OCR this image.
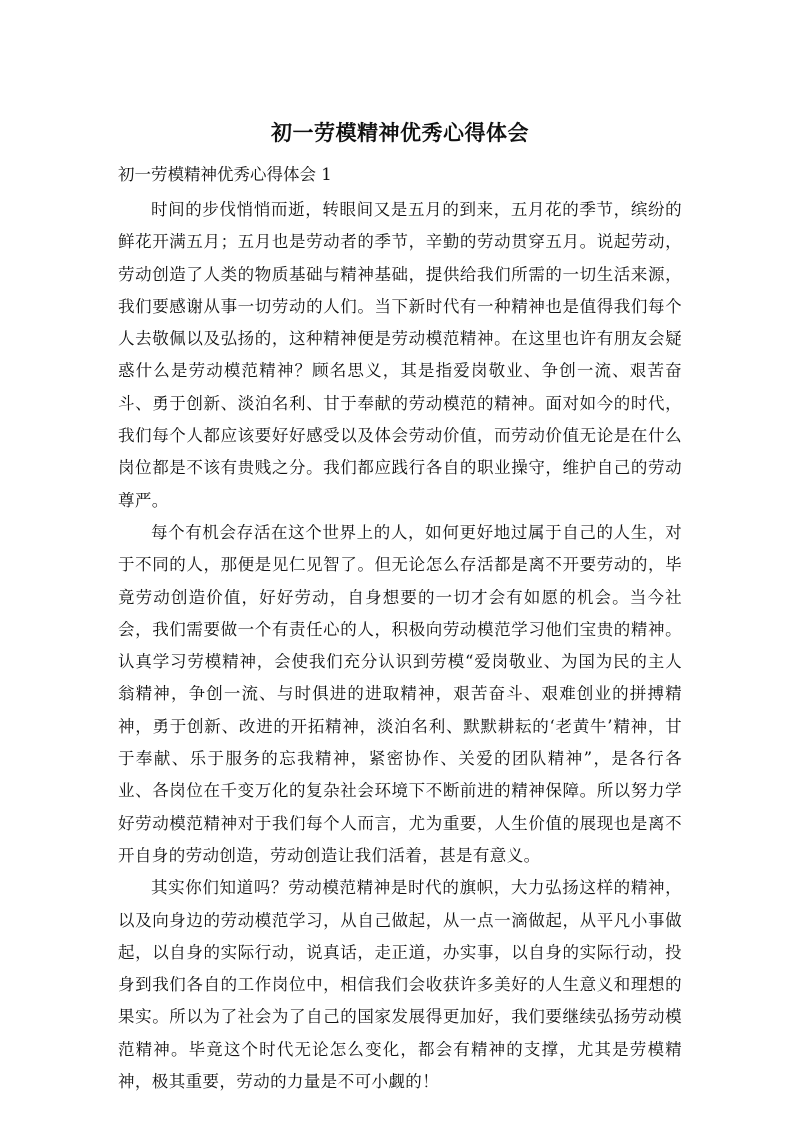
初一劳模精神优秀心得体会

初一劳模精神优秀心得体会 1

时间的步伐悄悄而逝，转眼间又是五月的到来，五月花的季节，缤纷的鲜花开满五月；五月也是劳动者的季节，辛勤的劳动贯穿五月。说起劳动，劳动创造了人类的物质基础与精神基础，提供给我们所需的一切生活来源，我们要感谢从事一切劳动的人们。当下新时代有一种精神也是值得我们每个人去敬佩以及弘扬的，这种精神便是劳动模范精神。在这里也许有朋友会疑惑什么是劳动模范精神？顾名思义，其是指爱岗敬业、争创一流、艰苦奋斗、勇于创新、淡泊名利、甘于奉献的劳动模范的精神。面对如今的时代，我们每个人都应该要好好感受以及体会劳动价值，而劳动价值无论是在什么岗位都是不该有贵贱之分。我们都应践行各自的职业操守，维护自己的劳动尊严。

每个有机会存活在这个世界上的人，如何更好地过属于自己的人生，对于不同的人，那便是见仁见智了。但无论怎么存活都是离不开要劳动的，毕竟劳动创造价值，好好劳动，自身想要的一切才会有如愿的机会。当今社会，我们需要做一个有责任心的人，积极向劳动模范学习他们宝贵的精神。认真学习劳模精神，会使我们充分认识到劳模“爱岗敬业、为国为民的主人翁精神，争创一流、与时俱进的进取精神，艰苦奋斗、艰难创业的拼搏精神，勇于创新、改进的开拓精神，淡泊名利、默默耕耘的‘老黄牛’精神，甘于奉献、乐于服务的忘我精神，紧密协作、关爱的团队精神”，是各行各业、各岗位在千变万化的复杂社会环境下不断前进的精神保障。所以努力学好劳动模范精神对于我们每个人而言，尤为重要，人生价值的展现也是离不开自身的劳动创造，劳动创造让我们活着，甚是有意义。

其实你们知道吗？劳动模范精神是时代的旗帜，大力弘扬这样的精神，以及向身边的劳动模范学习，从自己做起，从一点一滴做起，从平凡小事做起，以自身的实际行动，说真话，走正道，办实事，以自身的实际行动，投身到我们各自的工作岗位中，相信我们会收获许多美好的人生意义和理想的果实。所以为了社会为了自己的国家发展得更加好，我们要继续弘扬劳动模范精神。毕竟这个时代无论怎么变化，都会有精神的支撑，尤其是劳模精神，极其重要，劳动的力量是不可小觑的！
